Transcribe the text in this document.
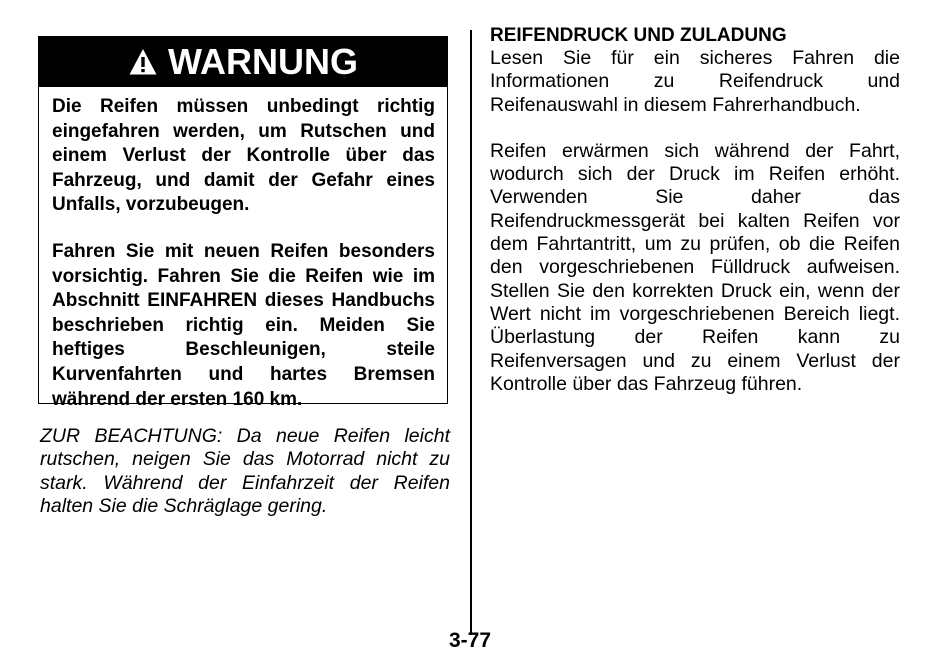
WARNUNG

Die Reifen müssen unbedingt richtig eingefahren werden, um Rutschen und einem Verlust der Kontrolle über das Fahrzeug, und damit der Gefahr eines Unfalls, vorzubeugen.

Fahren Sie mit neuen Reifen besonders vorsichtig. Fahren Sie die Reifen wie im Abschnitt EINFAHREN dieses Handbuchs beschrieben richtig ein. Meiden Sie heftiges Beschleunigen, steile Kurvenfahrten und hartes Bremsen während der ersten 160 km.

ZUR BEACHTUNG: Da neue Reifen leicht rutschen, neigen Sie das Motorrad nicht zu stark. Während der Einfahrzeit der Reifen halten Sie die Schräglage gering.

REIFENDRUCK UND ZULADUNG

Lesen Sie für ein sicheres Fahren die Informationen zu Reifendruck und Reifenauswahl in diesem Fahrerhandbuch.

Reifen erwärmen sich während der Fahrt, wodurch sich der Druck im Reifen erhöht. Verwenden Sie daher das Reifendruckmessgerät bei kalten Reifen vor dem Fahrtantritt, um zu prüfen, ob die Reifen den vorgeschriebenen Fülldruck aufweisen. Stellen Sie den korrekten Druck ein, wenn der Wert nicht im vorgeschriebenen Bereich liegt. Überlastung der Reifen kann zu Reifenversagen und zu einem Verlust der Kontrolle über das Fahrzeug führen.

3-77
